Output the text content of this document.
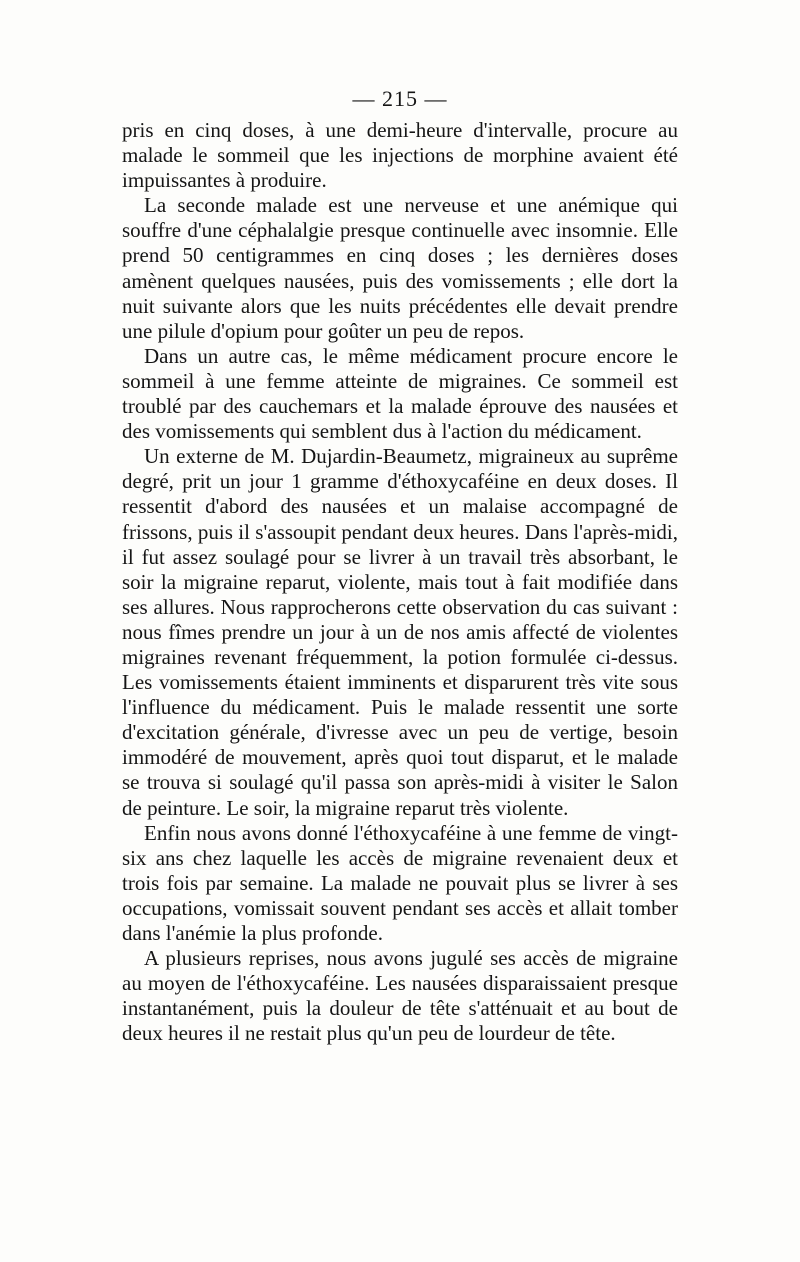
— 215 —

pris en cinq doses, à une demi-heure d'intervalle, procure au malade le sommeil que les injections de morphine avaient été impuissantes à produire.

La seconde malade est une nerveuse et une anémique qui souffre d'une céphalalgie presque continuelle avec insomnie. Elle prend 50 centigrammes en cinq doses ; les dernières doses amènent quelques nausées, puis des vomissements ; elle dort la nuit suivante alors que les nuits précédentes elle devait prendre une pilule d'opium pour goûter un peu de repos.

Dans un autre cas, le même médicament procure encore le sommeil à une femme atteinte de migraines. Ce sommeil est troublé par des cauchemars et la malade éprouve des nausées et des vomissements qui semblent dus à l'action du médicament.

Un externe de M. Dujardin-Beaumetz, migraineux au suprême degré, prit un jour 1 gramme d'éthoxycaféine en deux doses. Il ressentit d'abord des nausées et un malaise accompagné de frissons, puis il s'assoupit pendant deux heures. Dans l'après-midi, il fut assez soulagé pour se livrer à un travail très absorbant, le soir la migraine reparut, violente, mais tout à fait modifiée dans ses allures. Nous rapprocherons cette observation du cas suivant : nous fîmes prendre un jour à un de nos amis affecté de violentes migraines revenant fréquemment, la potion formulée ci-dessus. Les vomissements étaient imminents et disparurent très vite sous l'influence du médicament. Puis le malade ressentit une sorte d'excitation générale, d'ivresse avec un peu de vertige, besoin immodéré de mouvement, après quoi tout disparut, et le malade se trouva si soulagé qu'il passa son après-midi à visiter le Salon de peinture. Le soir, la migraine reparut très violente.

Enfin nous avons donné l'éthoxycaféine à une femme de vingt-six ans chez laquelle les accès de migraine revenaient deux et trois fois par semaine. La malade ne pouvait plus se livrer à ses occupations, vomissait souvent pendant ses accès et allait tomber dans l'anémie la plus profonde.

A plusieurs reprises, nous avons jugulé ses accès de migraine au moyen de l'éthoxycaféine. Les nausées disparaissaient presque instantanément, puis la douleur de tête s'atténuait et au bout de deux heures il ne restait plus qu'un peu de lourdeur de tête.
